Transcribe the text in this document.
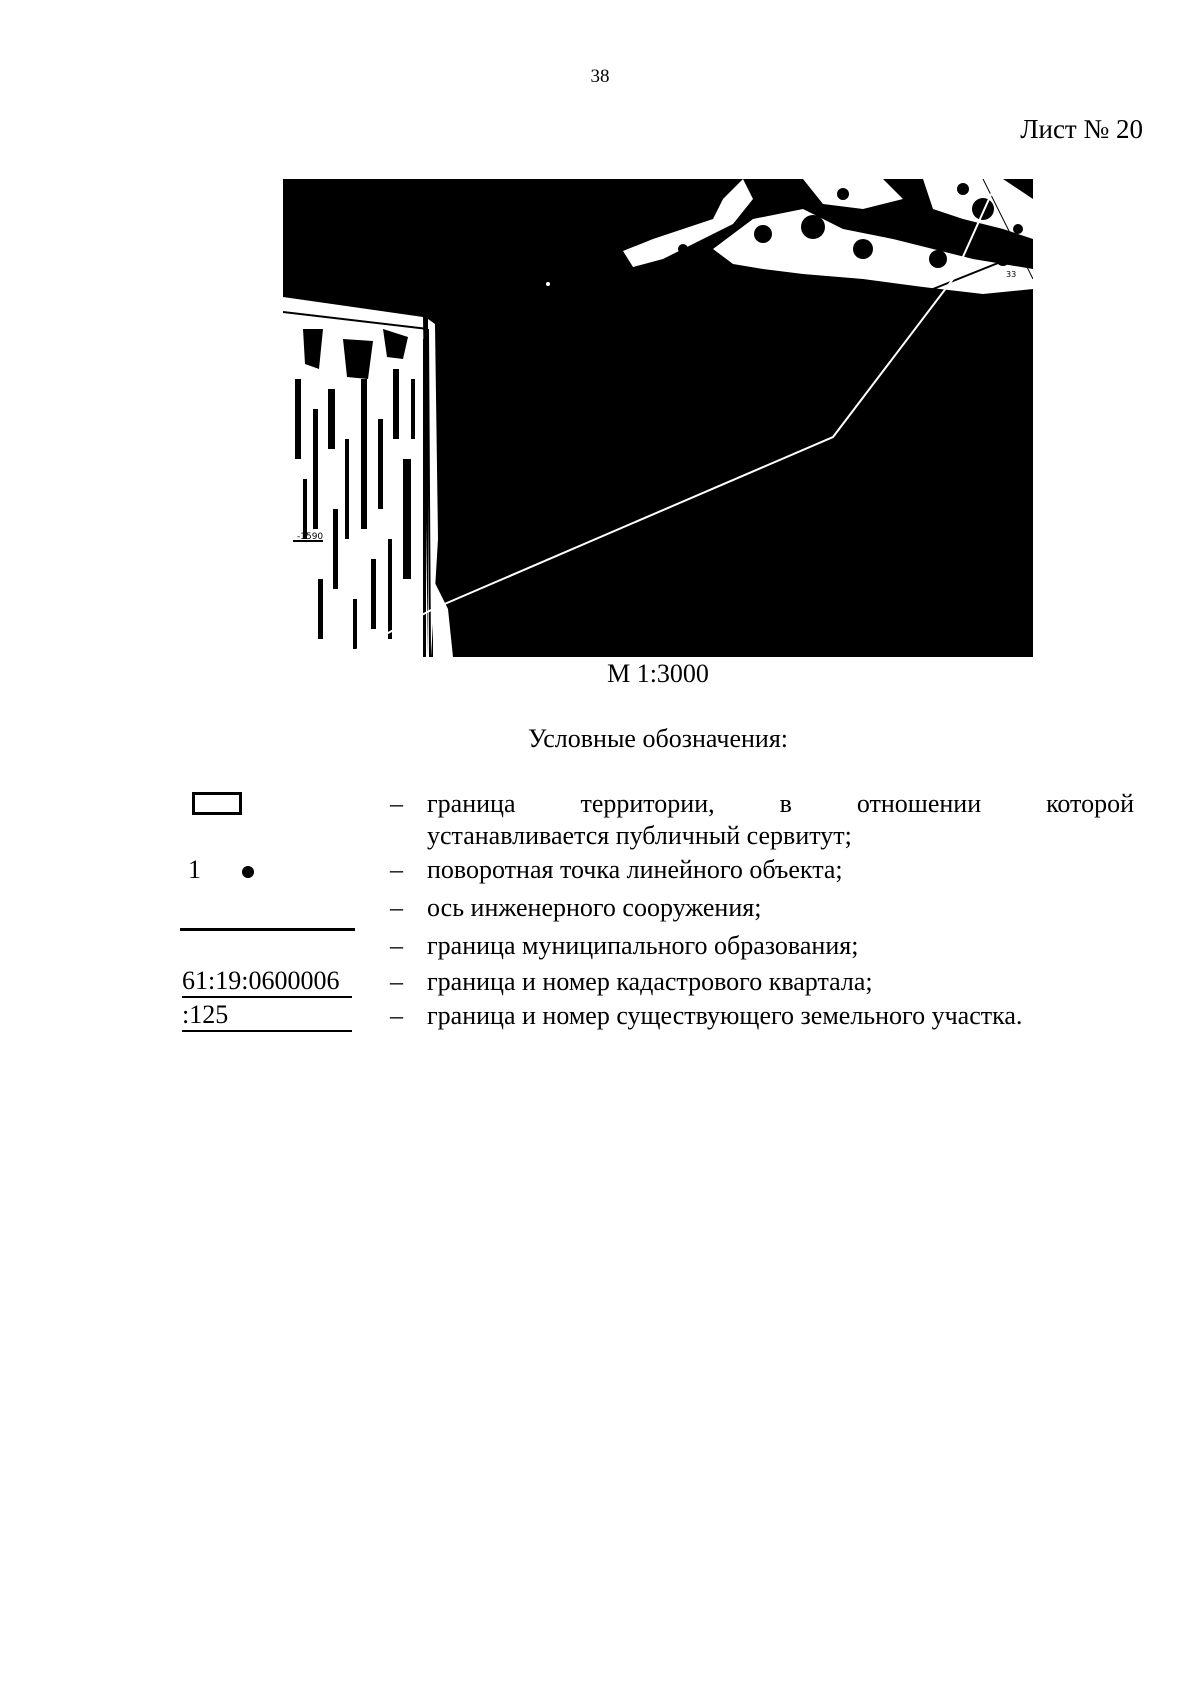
38
Лист № 20
-1590
80
-3760
33
М 1:3000
Условные обозначения:
– граница территории, в отношении которой
устанавливается публичный сервитут;
1	– поворотная точка линейного объекта;
– ось инженерного сооружения;
– граница муниципального образования;
61:19:0600006	– граница и номер кадастрового квартала;
:125	– граница и номер существующего земельного участка.
